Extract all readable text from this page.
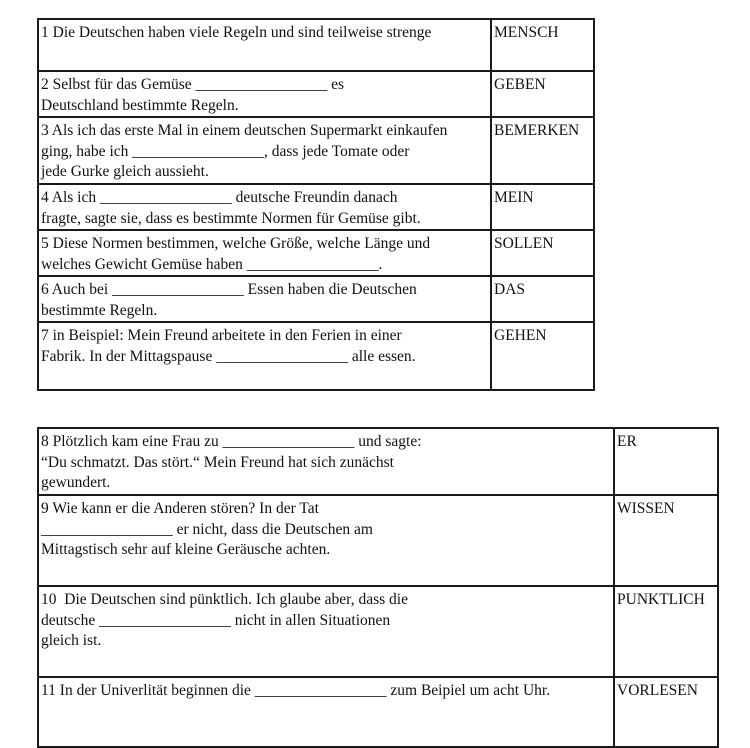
1 Die Deutschen haben viele Regeln und sind teilweise strenge	MENSCH
2 Selbst für das Gemüse _________________ es
Deutschland bestimmte Regeln.	GEBEN
3 Als ich das erste Mal in einem deutschen Supermarkt einkaufen
ging, habe ich _________________, dass jede Tomate oder
jede Gurke gleich aussieht.	BEMERKEN
4 Als ich _________________ deutsche Freundin danach
fragte, sagte sie, dass es bestimmte Normen für Gemüse gibt.	MEIN
5 Diese Normen bestimmen, welche Größe, welche Länge und
welches Gewicht Gemüse haben _________________.	SOLLEN
6 Auch bei _________________ Essen haben die Deutschen
bestimmte Regeln.	DAS
7 in Beispiel: Mein Freund arbeitete in den Ferien in einer
Fabrik. In der Mittagspause _________________ alle essen.	GEHEN
8 Plötzlich kam eine Frau zu _________________ und sagte:
“Du schmatzt. Das stört.“ Mein Freund hat sich zunächst
gewundert.	ER
9 Wie kann er die Anderen stören? In der Tat
_________________ er nicht, dass die Deutschen am
Mittagstisch sehr auf kleine Geräusche achten.	WISSEN
10  Die Deutschen sind pünktlich. Ich glaube aber, dass die
deutsche _________________ nicht in allen Situationen
gleich ist.	PUNKTLICH
11 In der Univerlität beginnen die _________________ zum Beipiel um acht Uhr.	VORLESEN
